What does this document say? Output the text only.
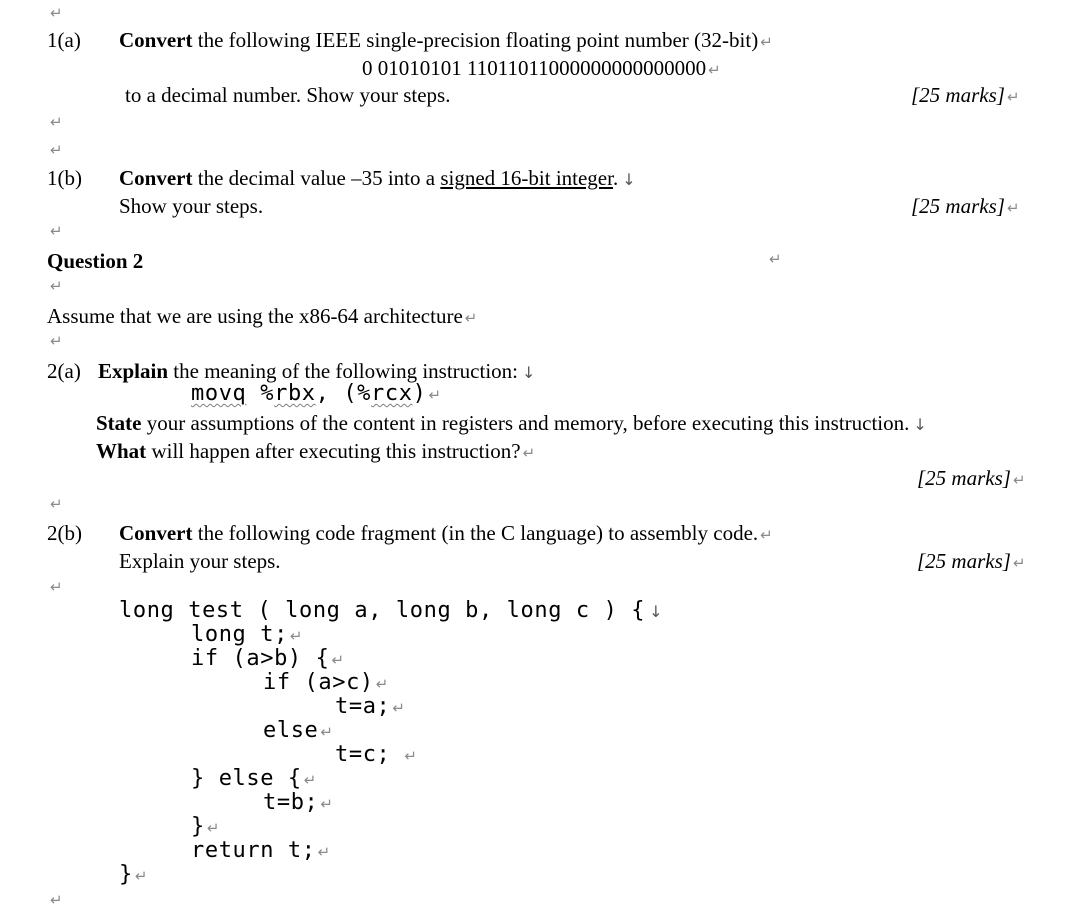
↵
1(a) Convert the following IEEE single-precision floating point number (32-bit) ↵
0 01010101 11011011000000000000000 ↵
to a decimal number. Show your steps.	[25 marks] ↵
↵
↵
1(b) Convert the decimal value –35 into a signed 16-bit integer. ↓
Show your steps.	[25 marks] ↵
↵
Question 2	↵
↵
Assume that we are using the x86-64 architecture ↵
↵
2(a) Explain the meaning of the following instruction: ↓
movq %rbx, (%rcx) ↵
State your assumptions of the content in registers and memory, before executing this instruction. ↓
What will happen after executing this instruction? ↵
[25 marks] ↵
↵
2(b) Convert the following code fragment (in the C language) to assembly code. ↵
Explain your steps.	[25 marks] ↵
↵
long test ( long a, long b, long c ) { ↓
long t; ↵
if (a>b) { ↵
if (a>c) ↵
t=a; ↵
else ↵
t=c; ↵
} else { ↵
t=b; ↵
} ↵
return t; ↵
} ↵
↵
